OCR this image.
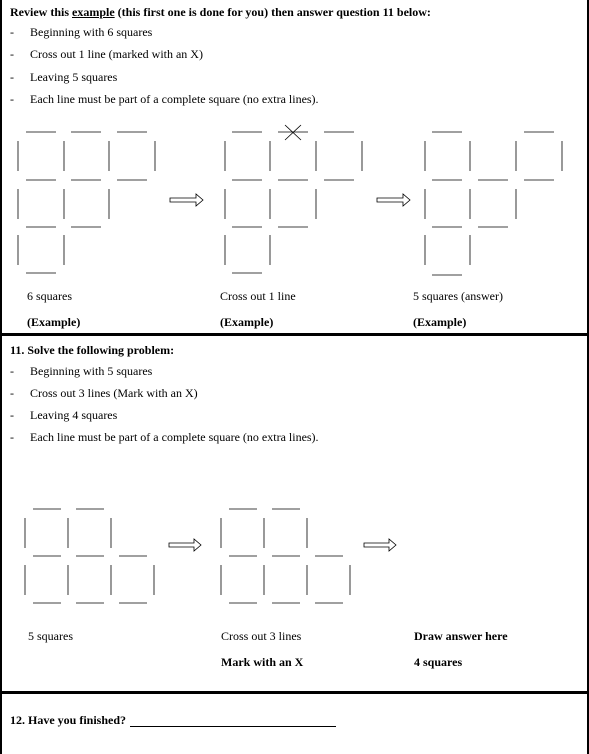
Review this example (this first one is done for you) then answer question 11 below:
- Beginning with 6 squares
- Cross out 1 line (marked with an X)
- Leaving 5 squares
- Each line must be part of a complete square (no extra lines).
6 squares
(Example)
Cross out 1 line
(Example)
5 squares (answer)
(Example)
11. Solve the following problem:
- Beginning with 5 squares
- Cross out 3 lines (Mark with an X)
- Leaving 4 squares
- Each line must be part of a complete square (no extra lines).
5 squares	Cross out 3 lines
Mark with an X
Draw answer here
4 squares
12. Have you finished?
